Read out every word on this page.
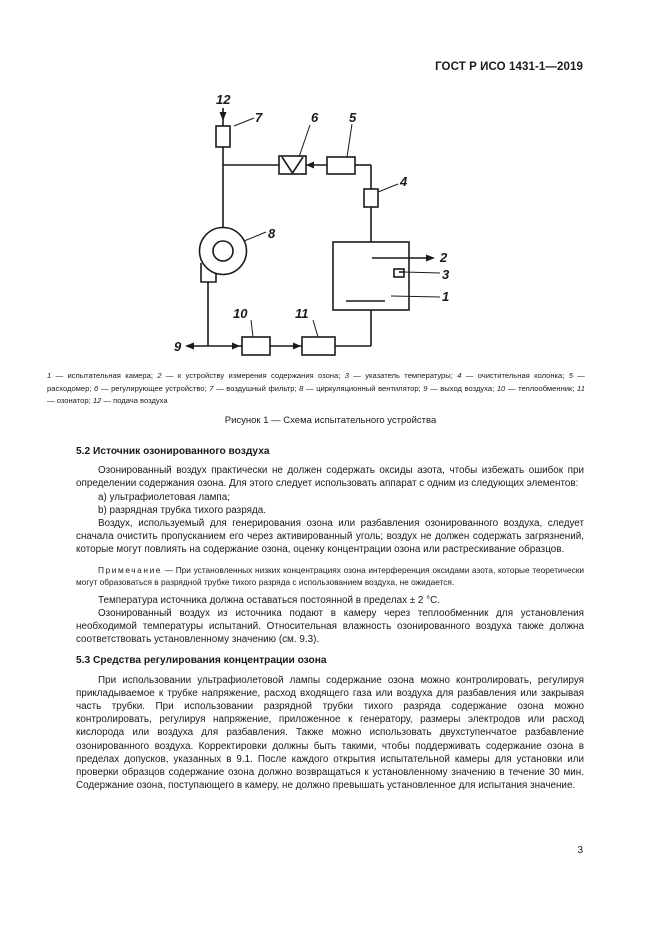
ГОСТ Р ИСО 1431-1—2019
12
7	6 5
4
8
2
3
1
9
10	11
1 — испытательная камера; 2 — к устройству измерения содержания озона; 3 — указатель температуры; 4 — очистительная колонка; 5 — расходомер; 6 — регулирующее устройство; 7 — воздушный фильтр; 8 — циркуляционный вентилятор; 9 — выход воздуха; 10 — теплообменник; 11 — озонатор; 12 — подача воздуха
Рисунок 1 — Схема испытательного устройства
5.2 Источник озонированного воздуха

Озонированный воздух практически не должен содержать оксиды азота, чтобы избежать ошибок при определении содержания озона. Для этого следует использовать аппарат с одним из следующих элементов:

a) ультрафиолетовая лампа;
b) разрядная трубка тихого разряда.

Воздух, используемый для генерирования озона или разбавления озонированного воздуха, следует сначала очистить пропусканием его через активированный уголь; воздух не должен содержать загрязнений, которые могут повлиять на содержание озона, оценку концентрации озона или растрескивание образцов.

Примечание — При установленных низких концентрациях озона интерференция оксидами азота, которые теоретически могут образоваться в разрядной трубке тихого разряда с использованием воздуха, не ожидается.

Температура источника должна оставаться постоянной в пределах ± 2 °С.

Озонированный воздух из источника подают в камеру через теплообменник для установления необходимой температуры испытаний. Относительная влажность озонированного воздуха также должна соответствовать установленному значению (см. 9.3).

5.3 Средства регулирования концентрации озона

При использовании ультрафиолетовой лампы содержание озона можно контролировать, регулируя прикладываемое к трубке напряжение, расход входящего газа или воздуха для разбавления или закрывая часть трубки. При использовании разрядной трубки тихого разряда содержание озона можно контролировать, регулируя напряжение, приложенное к генератору, размеры электродов или расход кислорода или воздуха для разбавления. Также можно использовать двухступенчатое разбавление озонированного воздуха. Корректировки должны быть такими, чтобы поддерживать содержание озона в пределах допусков, указанных в 9.1. После каждого открытия испытательной камеры для установки или проверки образцов содержание озона должно возвращаться к установленному значению в течение 30 мин. Содержание озона, поступающего в камеру, не должно превышать установленное для испытания значение.

3
